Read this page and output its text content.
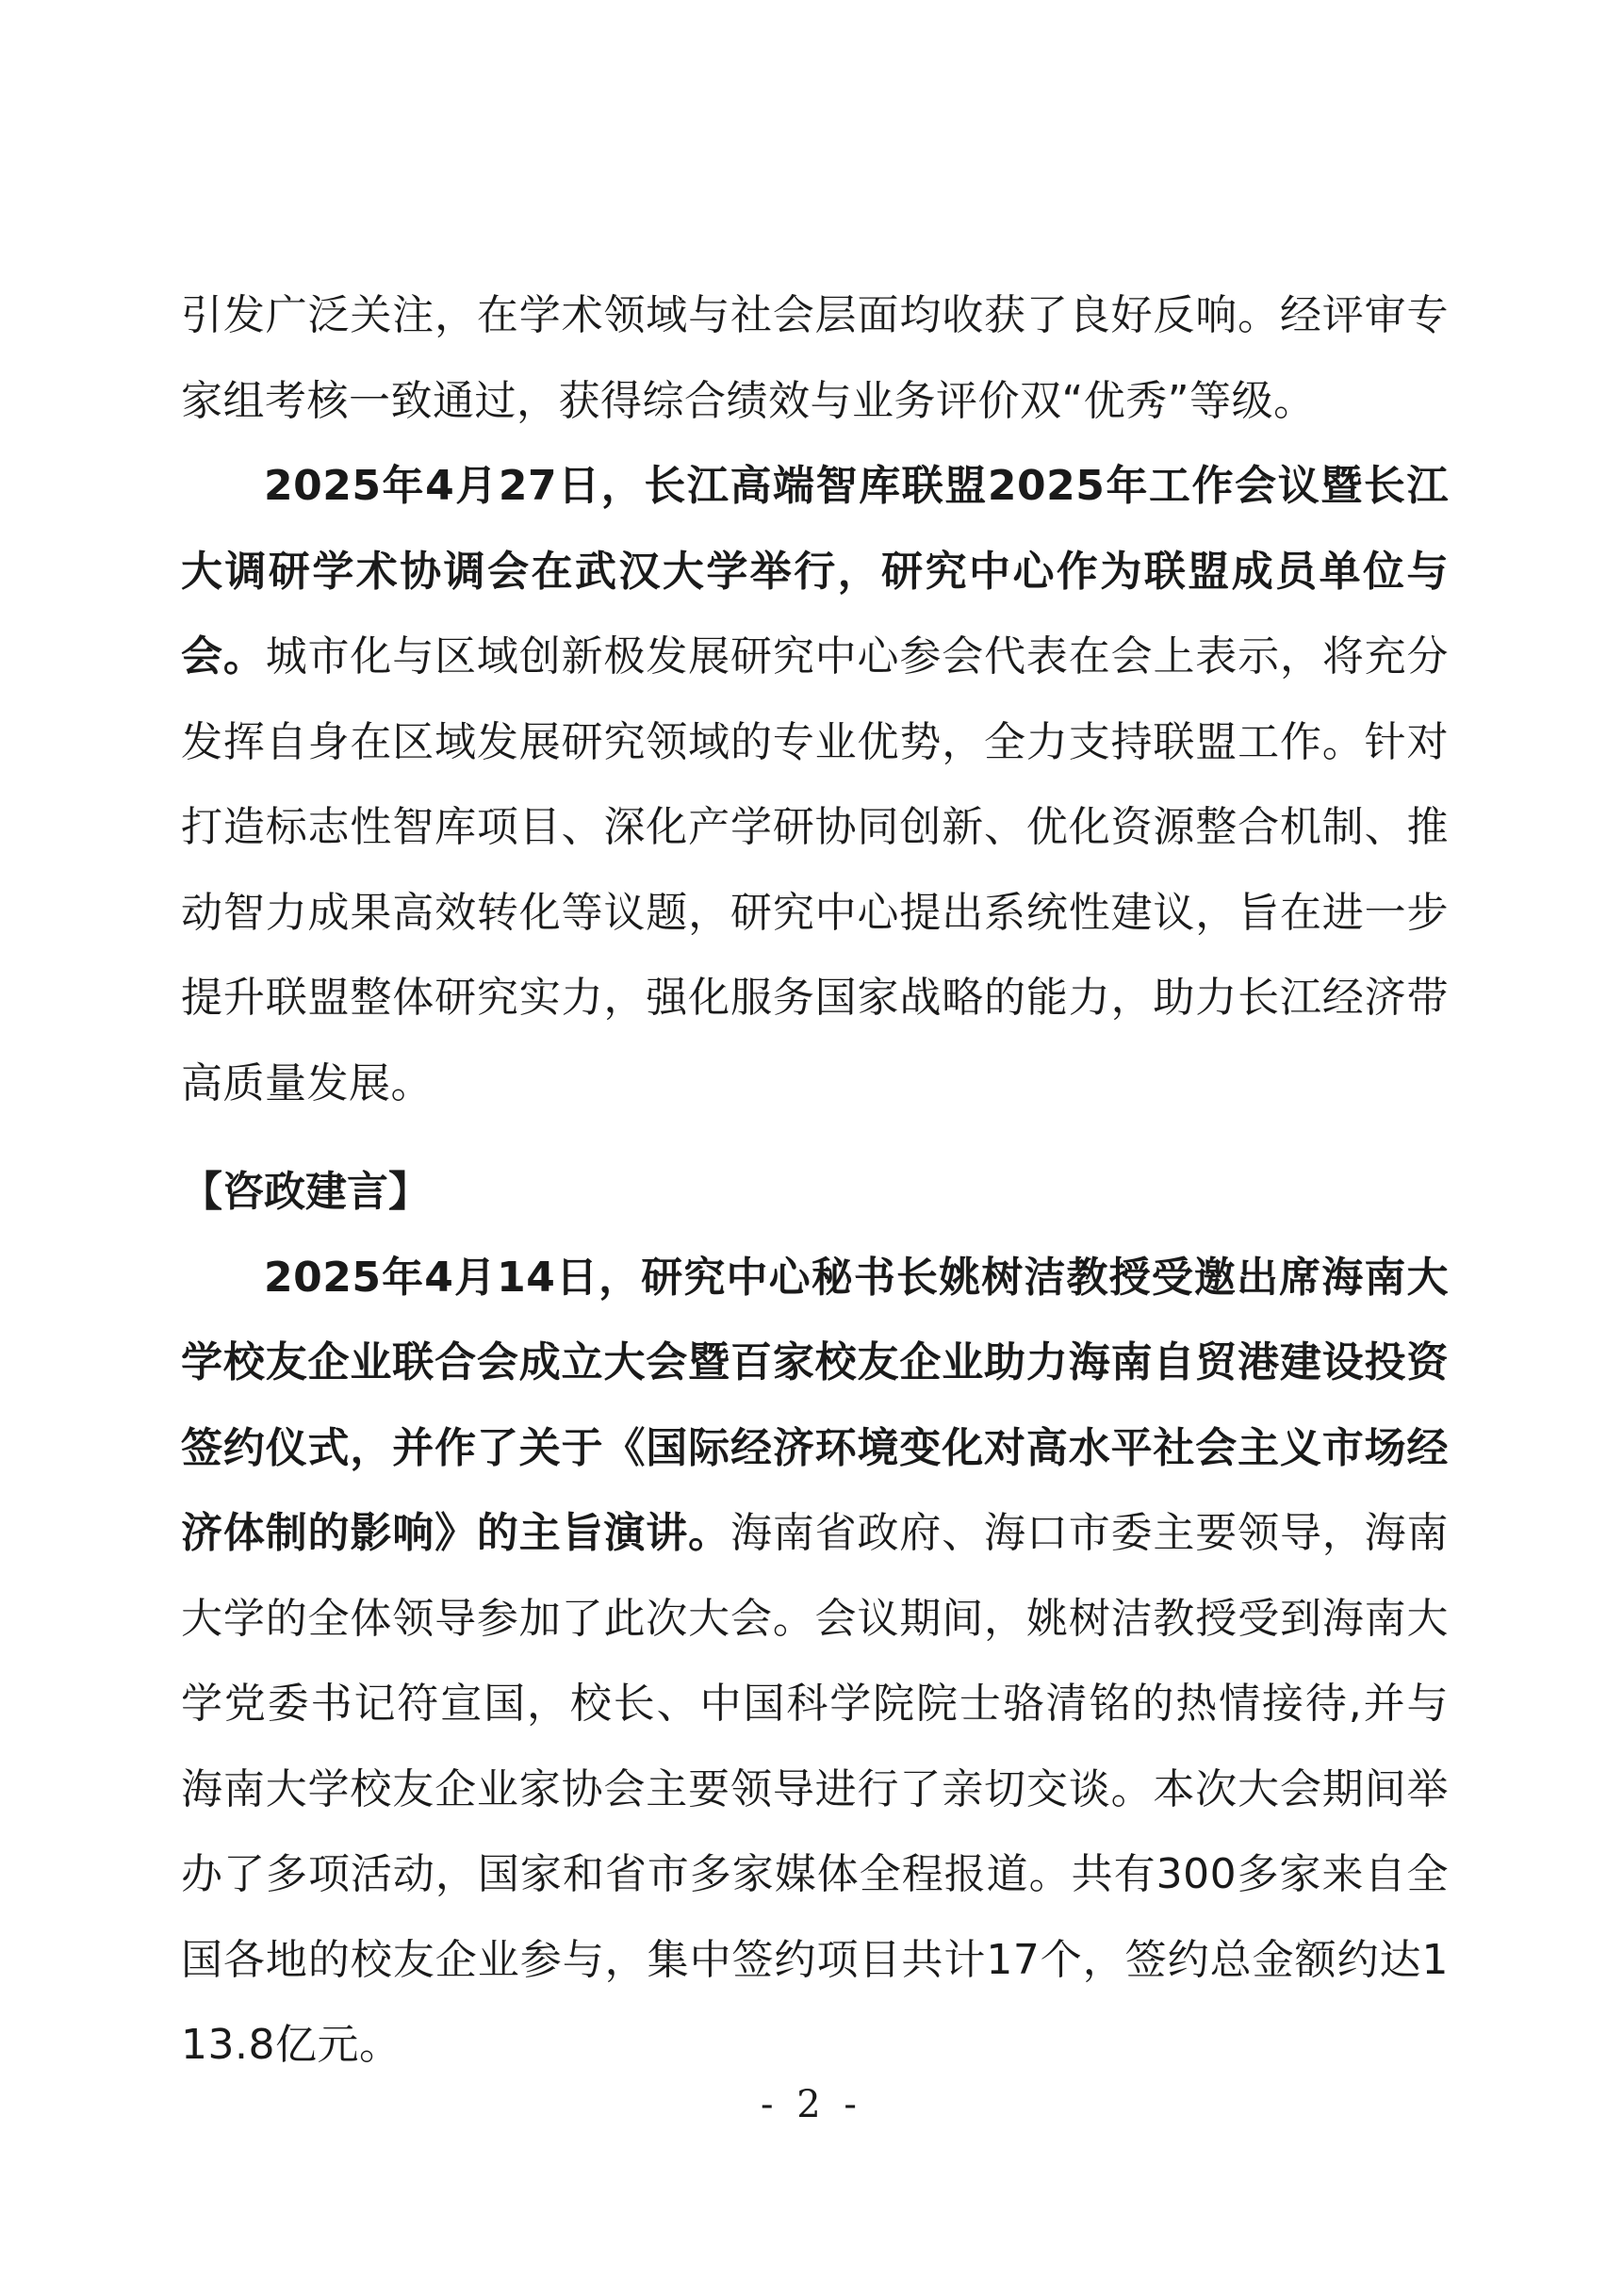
引发广泛关注，在学术领域与社会层面均收获了良好反响。经评审专家组考核一致通过，获得综合绩效与业务评价双“优秀”等级。

2025年4月27日，长江高端智库联盟2025年工作会议暨长江大调研学术协调会在武汉大学举行，研究中心作为联盟成员单位与会。城市化与区域创新极发展研究中心参会代表在会上表示，将充分发挥自身在区域发展研究领域的专业优势，全力支持联盟工作。针对打造标志性智库项目、深化产学研协同创新、优化资源整合机制、推动智力成果高效转化等议题，研究中心提出系统性建议，旨在进一步提升联盟整体研究实力，强化服务国家战略的能力，助力长江经济带高质量发展。

【咨政建言】

2025年4月14日，研究中心秘书长姚树洁教授受邀出席海南大学校友企业联合会成立大会暨百家校友企业助力海南自贸港建设投资签约仪式，并作了关于《国际经济环境变化对高水平社会主义市场经济体制的影响》的主旨演讲。海南省政府、海口市委主要领导，海南大学的全体领导参加了此次大会。会议期间，姚树洁教授受到海南大学党委书记符宣国，校长、中国科学院院士骆清铭的热情接待,并与海南大学校友企业家协会主要领导进行了亲切交谈。本次大会期间举办了多项活动，国家和省市多家媒体全程报道。共有300多家来自全国各地的校友企业参与，集中签约项目共计17个，签约总金额约达113.8亿元。

- 2 -
